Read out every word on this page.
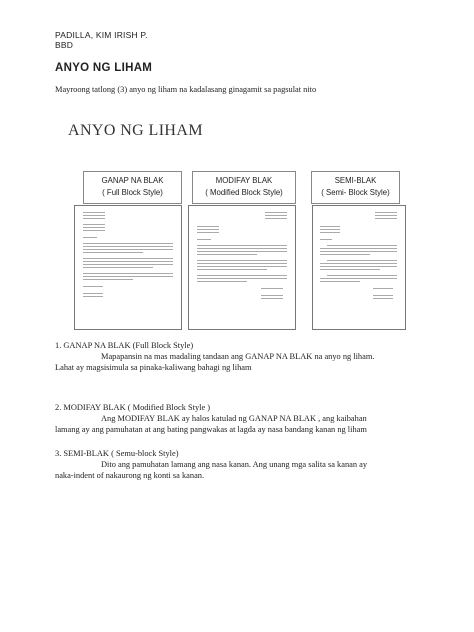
PADILLA, KIM IRISH P.
BBD
ANYO NG LIHAM
Mayroong tatlong (3) anyo ng liham na kadalasang ginagamit sa pagsulat nito
ANYO NG LIHAM
GANAP NA BLAK
( Full Block Style)
MODIFAY BLAK
( Modified Block Style)
SEMI-BLAK
( Semi- Block Style)
1. GANAP NA BLAK (Full Block Style)
Mapapansin na mas madaling tandaan ang GANAP NA BLAK na anyo ng liham.
Lahat ay magsisimula sa pinaka-kaliwang bahagi ng liham
2. MODIFAY BLAK ( Modified Block Style )
Ang MODIFAY BLAK ay halos katulad ng GANAP NA BLAK , ang kaibahan
lamang ay ang pamuhatan at ang bating pangwakas at lagda ay nasa bandang kanan ng liham
3. SEMI-BLAK ( Semu-block Style)
Dito ang pamuhatan lamang ang nasa kanan. Ang unang mga salita sa kanan ay
naka-indent of nakaurong ng konti sa kanan.
